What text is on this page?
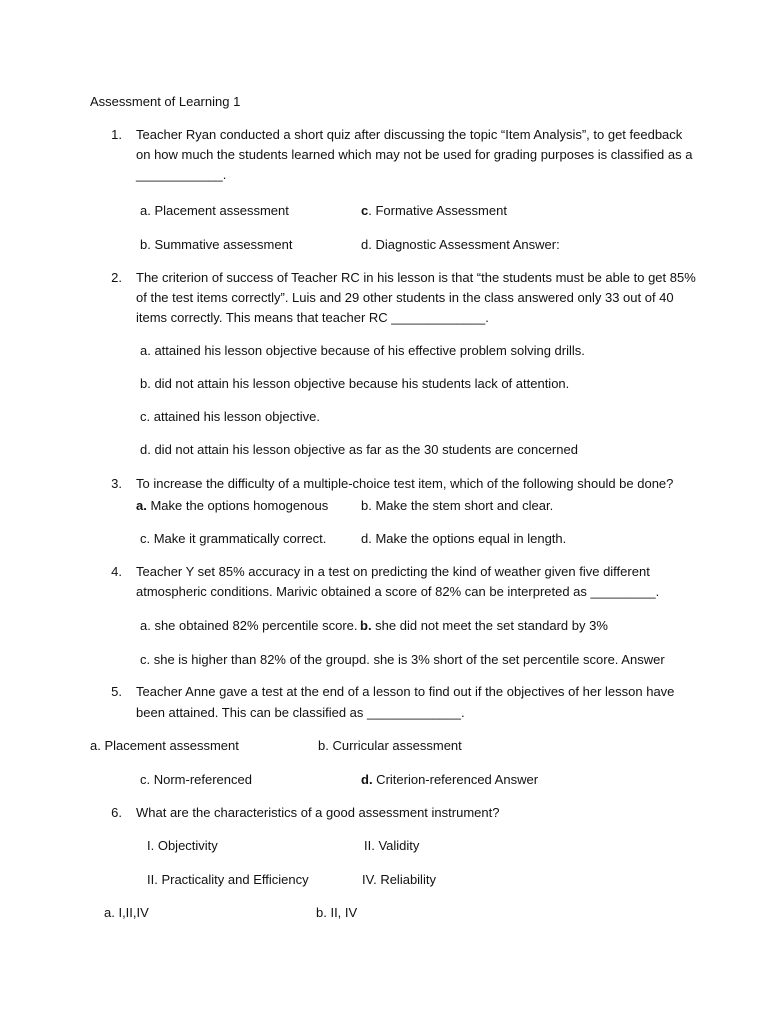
Assessment of Learning 1
1. Teacher Ryan conducted a short quiz after discussing the topic “Item Analysis”, to get feedback
on how much the students learned which may not be used for grading purposes is classified as a
____________.
a. Placement assessment	c. Formative Assessment
b. Summative assessment	d. Diagnostic Assessment Answer:
2. The criterion of success of Teacher RC in his lesson is that “the students must be able to get 85%
of the test items correctly”. Luis and 29 other students in the class answered only 33 out of 40
items correctly. This means that teacher RC _____________.
a. attained his lesson objective because of his effective problem solving drills.
b. did not attain his lesson objective because his students lack of attention.
c. attained his lesson objective.
d. did not attain his lesson objective as far as the 30 students are concerned
3. To increase the difficulty of a multiple-choice test item, which of the following should be done?
a. Make the options homogenous	b. Make the stem short and clear.
c. Make it grammatically correct.	d. Make the options equal in length.
4. Teacher Y set 85% accuracy in a test on predicting the kind of weather given five different
atmospheric conditions. Marivic obtained a score of 82% can be interpreted as _________.
a. she obtained 82% percentile score. b. she did not meet the set standard by 3%
c. she is higher than 82% of the group d. she is 3% short of the set percentile score. Answer
5. Teacher Anne gave a test at the end of a lesson to find out if the objectives of her lesson have
been attained. This can be classified as _____________.
a. Placement assessment	b. Curricular assessment
c. Norm-referenced	d. Criterion-referenced Answer
6. What are the characteristics of a good assessment instrument?
I. Objectivity	II. Validity
II. Practicality and Efficiency	IV. Reliability
a. I,II,IV	b. II, IV
